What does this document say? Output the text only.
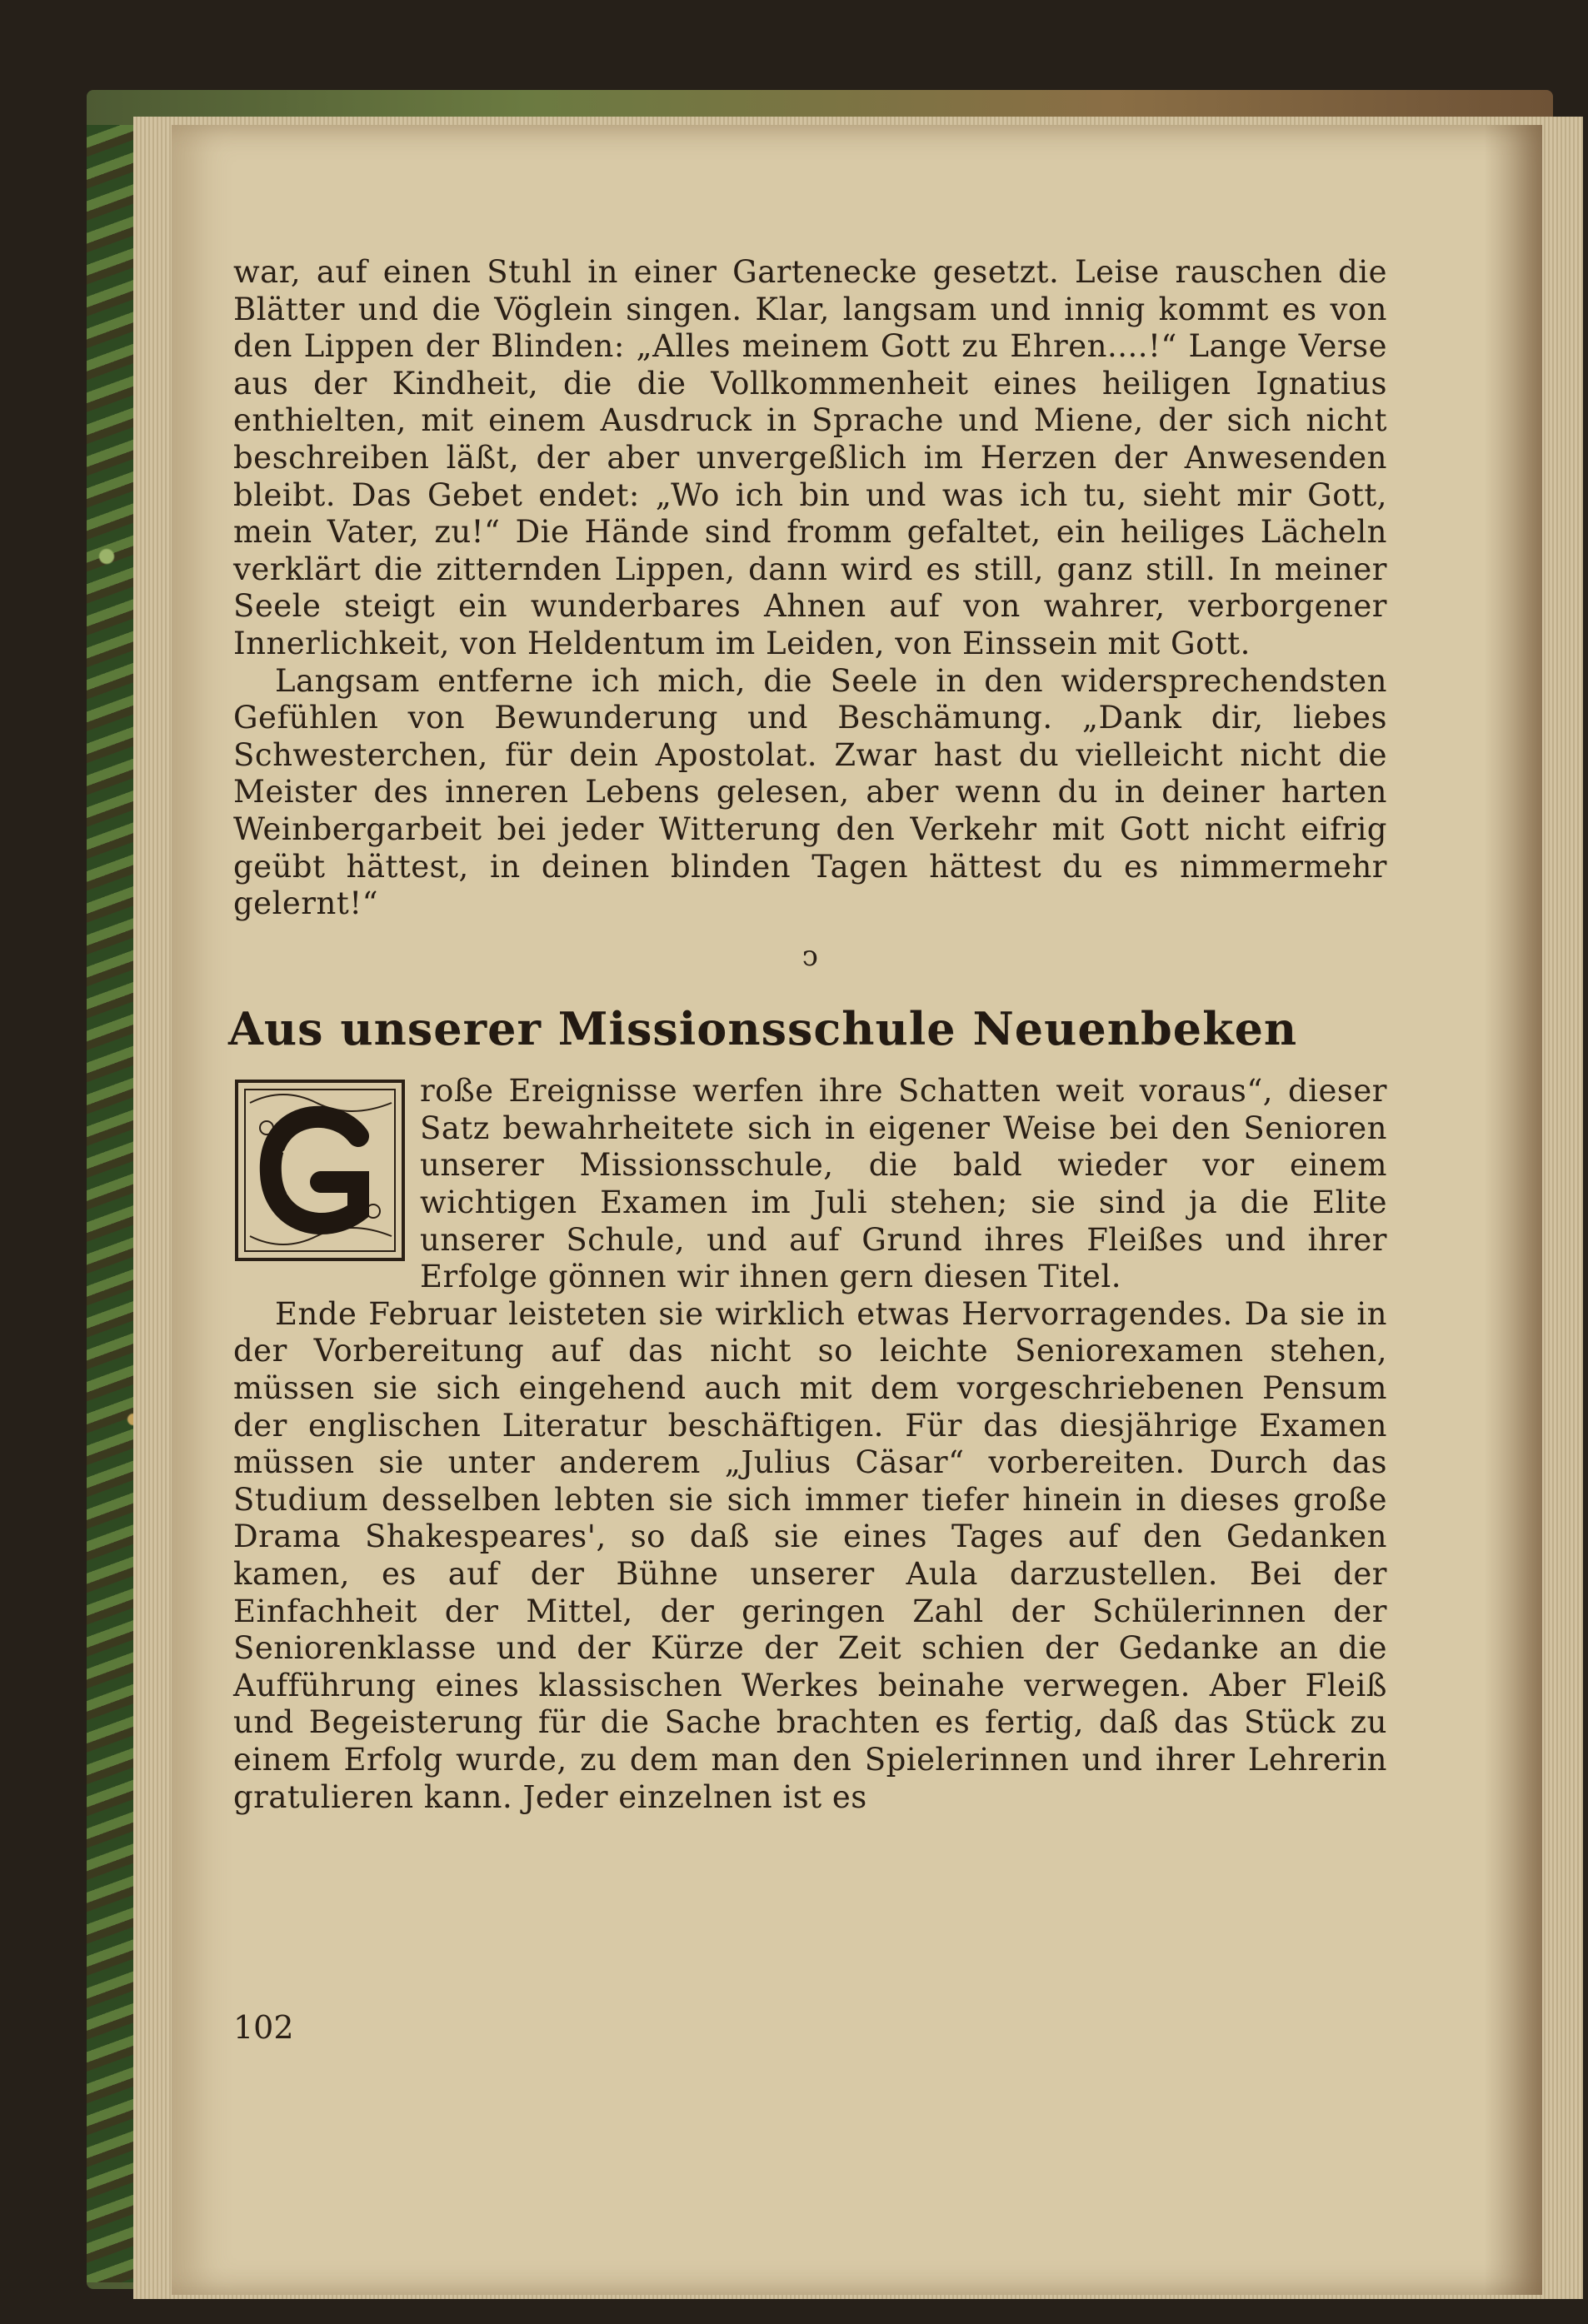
war, auf einen Stuhl in einer Gartenecke gesetzt. Leise rauschen die Blätter und die Vöglein singen. Klar, langsam und innig kommt es von den Lippen der Blinden: „Alles meinem Gott zu Ehren....!“ Lange Verse aus der Kindheit, die die Vollkommenheit eines heiligen Ignatius enthielten, mit einem Ausdruck in Sprache und Miene, der sich nicht beschreiben läßt, der aber unvergeßlich im Herzen der Anwesenden bleibt. Das Gebet endet: „Wo ich bin und was ich tu, sieht mir Gott, mein Vater, zu!“ Die Hände sind fromm gefaltet, ein heiliges Lächeln verklärt die zitternden Lippen, dann wird es still, ganz still. In meiner Seele steigt ein wunderbares Ahnen auf von wahrer, verborgener Innerlichkeit, von Heldentum im Leiden, von Einssein mit Gott.

Langsam entferne ich mich, die Seele in den widersprechendsten Gefühlen von Bewunderung und Beschämung. „Dank dir, liebes Schwesterchen, für dein Apostolat. Zwar hast du vielleicht nicht die Meister des inneren Lebens gelesen, aber wenn du in deiner harten Weinbergarbeit bei jeder Witterung den Verkehr mit Gott nicht eifrig geübt hättest, in deinen blinden Tagen hättest du es nimmermehr gelernt!“

ↄ
Aus unserer Missionsschule Neuenbeken

roße Ereignisse werfen ihre Schatten weit voraus“, dieser Satz bewahrheitete sich in eigener Weise bei den Senioren unserer Missionsschule, die bald wieder vor einem wichtigen Examen im Juli stehen; sie sind ja die Elite unserer Schule, und auf Grund ihres Fleißes und ihrer Erfolge gönnen wir ihnen gern diesen Titel.

Ende Februar leisteten sie wirklich etwas Hervorragendes. Da sie in der Vorbereitung auf das nicht so leichte Seniorexamen stehen, müssen sie sich eingehend auch mit dem vorgeschriebenen Pensum der englischen Literatur beschäftigen. Für das diesjährige Examen müssen sie unter anderem „Julius Cäsar“ vorbereiten. Durch das Studium desselben lebten sie sich immer tiefer hinein in dieses große Drama Shakespeares', so daß sie eines Tages auf den Gedanken kamen, es auf der Bühne unserer Aula darzustellen. Bei der Einfachheit der Mittel, der geringen Zahl der Schülerinnen der Seniorenklasse und der Kürze der Zeit schien der Gedanke an die Aufführung eines klassischen Werkes beinahe verwegen. Aber Fleiß und Begeisterung für die Sache brachten es fertig, daß das Stück zu einem Erfolg wurde, zu dem man den Spielerinnen und ihrer Lehrerin gratulieren kann. Jeder einzelnen ist es

102
